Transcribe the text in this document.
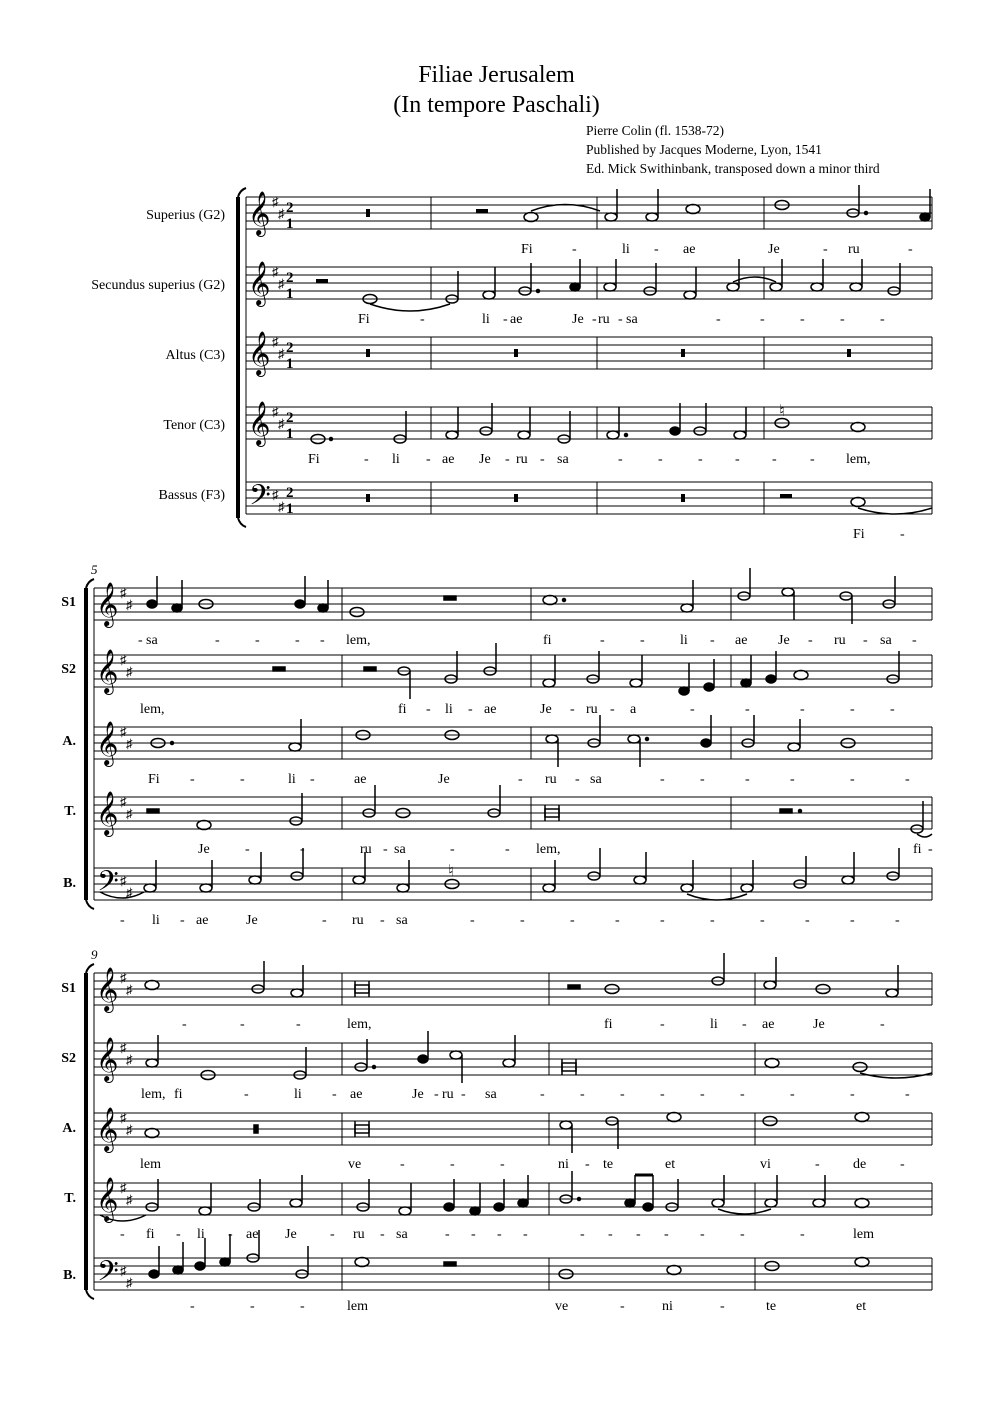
Filiae Jerusalem
(In tempore Paschali)
Pierre Colin (fl. 1538-72)
Published by Jacques Moderne, Lyon, 1541
Ed. Mick Swithinbank, transposed down a minor third
Superius (G2)
Secundus superius (G2)
Altus (C3)
Tenor (C3)
Bassus (F3)
𝄞
𝄞
𝄞
𝄞
𝄢
♯
♯
♯
♯
♯
♯
♯
♯
♯
♯
2
1
2
1
2
1
2
1
2
1
♮
Fi	-	li - ae	Je	- ru	-
Fi	-	li - ae	Je - ru - sa	-	-	-	-	-
Fi	- li - ae Je - ru - sa	-	-	- - - - lem,
Fi	-
5
S1
S2
A.
T.
B.
𝄞
𝄞
𝄞
𝄞
𝄢
♯
♯
♯
♯
♯
♯
♯
♯
♯
♯
♮
- sa	-	-	- - lem,	fi	-	-	li - ae Je - ru - sa -
lem,	fi - li - ae	Je - ru - a	-	-	-	-	-
Fi -	-	li -	ae	Je	- ru - sa	-	-	-	-	-	-
Je	-	-	ru - sa	-	- lem,	fi -
- li - ae	Je	- ru - sa	-	-	-	-	-	-	-	-	-	-
9
S1
S2
A.
T.
B.
𝄞
𝄞
𝄞
𝄞
𝄢
♯
♯
♯
♯
♯
♯
♯
♯
♯
♯
-	-	-	lem,	fi	-	li - ae	Je	-
lem, fi	-	li - ae	Je - ru - sa	-	-	-	-	-	-	-	-	-
lem	ve	-	-	-	ni - te	et	vi	- de -
- fi - li - ae Je - ru - sa	- - - -	- - - - -	-	-	lem
-	-	-	lem	ve	-	ni	-	te	et
